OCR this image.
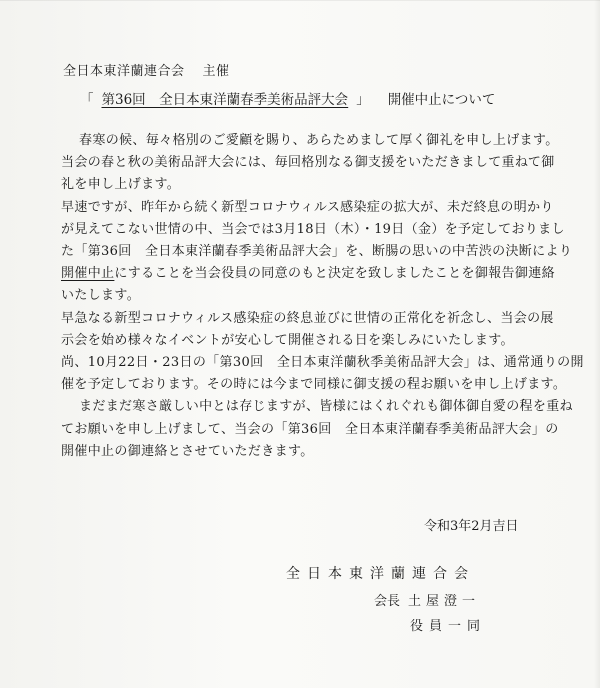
全日本東洋蘭連合会 主催
「 第36回　全日本東洋蘭春季美術品評大会 」 開催中止について

春寒の候、毎々格別のご愛顧を賜り、あらためまして厚く御礼を申し上げます。

当会の春と秋の美術品評大会には、毎回格別なる御支援をいただきまして重ねて御

礼を申し上げます。

早速ですが、昨年から続く新型コロナウィルス感染症の拡大が、未だ終息の明かり

が見えてこない世情の中、当会では3月18日（木）・19日（金）を予定しておりまし

た「第36回　全日本東洋蘭春季美術品評大会」を、断腸の思いの中苦渋の決断により

開催中止にすることを当会役員の同意のもと決定を致しましたことを御報告御連絡

いたします。

早急なる新型コロナウィルス感染症の終息並びに世情の正常化を祈念し、当会の展

示会を始め様々なイベントが安心して開催される日を楽しみにいたします。

尚、10月22日・23日の「第30回　全日本東洋蘭秋季美術品評大会」は、通常通りの開

催を予定しております。その時には今まで同様に御支援の程お願いを申し上げます。

まだまだ寒さ厳しい中とは存じますが、皆様にはくれぐれも御体御自愛の程を重ね

てお願いを申し上げまして、当会の「第36回　全日本東洋蘭春季美術品評大会」の

開催中止の御連絡とさせていただきます。

令和3年2月吉日
全日本東洋蘭連合会
会長 土屋澄一
役員一同
